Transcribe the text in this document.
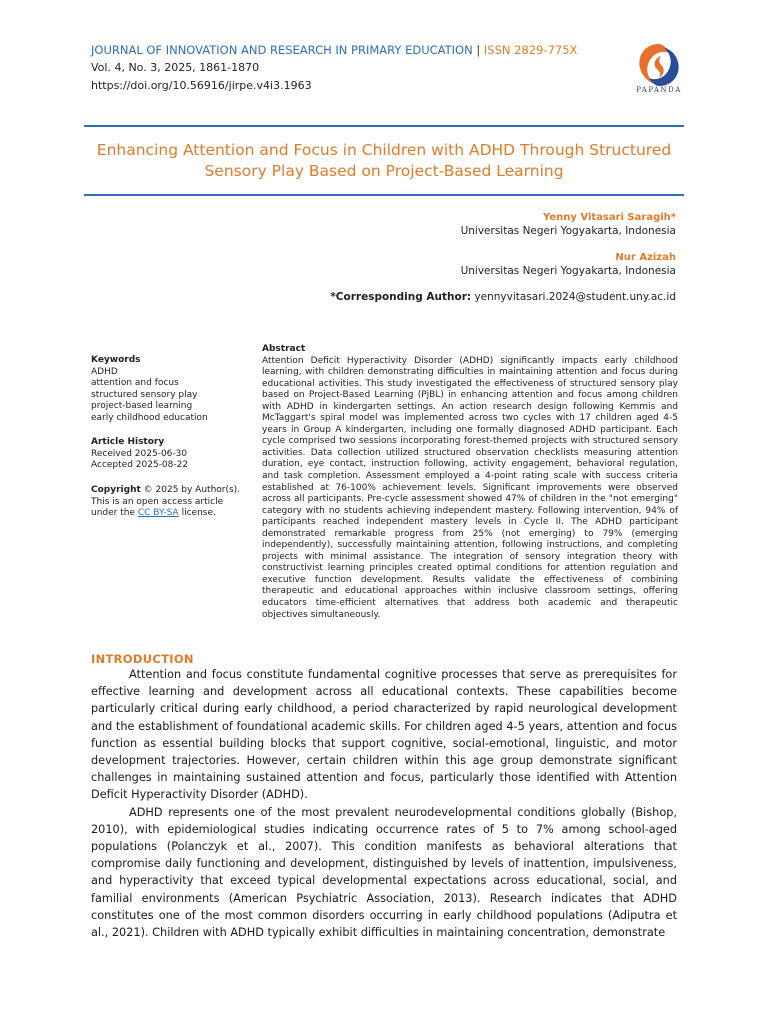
JOURNAL OF INNOVATION AND RESEARCH IN PRIMARY EDUCATION | ISSN 2829-775X
Vol. 4, No. 3, 2025, 1861-1870
https://doi.org/10.56916/jirpe.v4i3.1963	PAPANDA
Enhancing Attention and Focus in Children with ADHD Through Structured Sensory Play Based on Project-Based Learning
Yenny Vitasari Saragih*
Universitas Negeri Yogyakarta, Indonesia
Nur Azizah
Universitas Negeri Yogyakarta, Indonesia
*Corresponding Author: yennyvitasari.2024@student.uny.ac.id
Keywords
ADHD
attention and focus
structured sensory play
project-based learning
early childhood education
Article History
Received 2025-06-30
Accepted 2025-08-22
Copyright © 2025 by Author(s). This is an open access article under the CC BY-SA license.
Abstract

Attention Deficit Hyperactivity Disorder (ADHD) significantly impacts early childhood learning, with children demonstrating difficulties in maintaining attention and focus during educational activities. This study investigated the effectiveness of structured sensory play based on Project-Based Learning (PjBL) in enhancing attention and focus among children with ADHD in kindergarten settings. An action research design following Kemmis and McTaggart's spiral model was implemented across two cycles with 17 children aged 4-5 years in Group A kindergarten, including one formally diagnosed ADHD participant. Each cycle comprised two sessions incorporating forest-themed projects with structured sensory activities. Data collection utilized structured observation checklists measuring attention duration, eye contact, instruction following, activity engagement, behavioral regulation, and task completion. Assessment employed a 4-point rating scale with success criteria established at 76-100% achievement levels. Significant improvements were observed across all participants. Pre-cycle assessment showed 47% of children in the "not emerging" category with no students achieving independent mastery. Following intervention, 94% of participants reached independent mastery levels in Cycle II. The ADHD participant demonstrated remarkable progress from 25% (not emerging) to 79% (emerging independently), successfully maintaining attention, following instructions, and completing projects with minimal assistance. The integration of sensory integration theory with constructivist learning principles created optimal conditions for attention regulation and executive function development. Results validate the effectiveness of combining therapeutic and educational approaches within inclusive classroom settings, offering educators time-efficient alternatives that address both academic and therapeutic objectives simultaneously.

INTRODUCTION

Attention and focus constitute fundamental cognitive processes that serve as prerequisites for effective learning and development across all educational contexts. These capabilities become particularly critical during early childhood, a period characterized by rapid neurological development and the establishment of foundational academic skills. For children aged 4-5 years, attention and focus function as essential building blocks that support cognitive, social-emotional, linguistic, and motor development trajectories. However, certain children within this age group demonstrate significant challenges in maintaining sustained attention and focus, particularly those identified with Attention Deficit Hyperactivity Disorder (ADHD).

ADHD represents one of the most prevalent neurodevelopmental conditions globally (Bishop, 2010), with epidemiological studies indicating occurrence rates of 5 to 7% among school-aged populations (Polanczyk et al., 2007). This condition manifests as behavioral alterations that compromise daily functioning and development, distinguished by levels of inattention, impulsiveness, and hyperactivity that exceed typical developmental expectations across educational, social, and familial environments (American Psychiatric Association, 2013). Research indicates that ADHD constitutes one of the most common disorders occurring in early childhood populations (Adiputra et al., 2021). Children with ADHD typically exhibit difficulties in maintaining concentration, demonstrate
